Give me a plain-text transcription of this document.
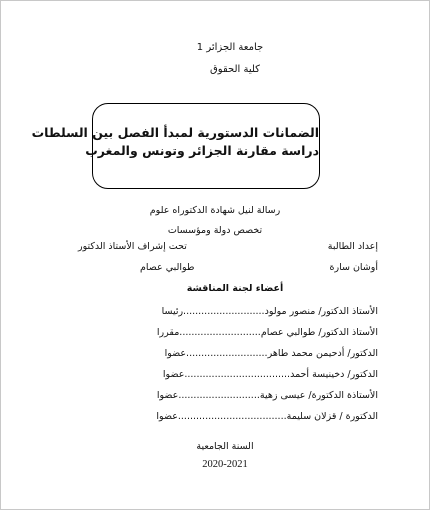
جامعة الجزائر 1
كلية الحقوق
الضمانات الدستورية لمبدأ الفصل بين السلطات
دراسة مقارنة الجزائر وتونس والمغرب
رسالة لنيل شهادة الدكتوراه علوم
تخصص دولة ومؤسسات
إعداد الطالبة
تحت إشراف الأستاذ الدكتور
أوشان سارة
طوالبي عصام
أعضاء لجنة المناقشة
الأستاذ الدكتور/ منصور مولود...........................رئيسا
الأستاذ الدكتور/ طوالبي عصام...........................مقررا
الدكتور/ أدحيمن محمد طاهر...........................عضوا
الدكتور/ دخينيسة أحمد...................................عضوا
الأستاذة الدكتورة/ عيسى زهية...........................عضوا
الدكتورة / قزلان سليمة....................................عضوا
السنة الجامعية
2020-2021
